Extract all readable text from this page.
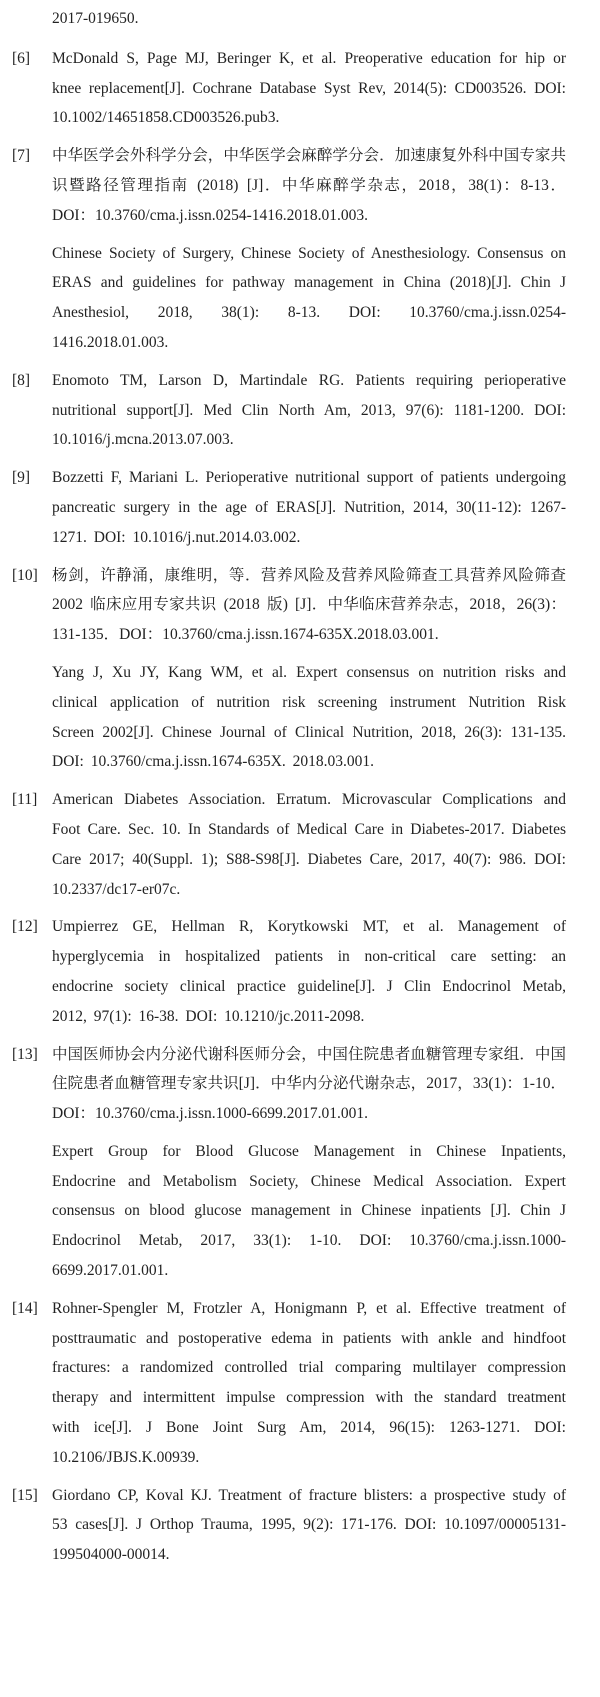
2017-019650.
[6]	McDonald S, Page MJ, Beringer K, et al. Preoperative education for hip or knee replacement[J]. Cochrane Database Syst Rev, 2014(5): CD003526. DOI: 10.1002/14651858.CD003526.pub3.
[7]	中华医学会外科学分会，中华医学会麻醉学分会．加速康复外科中国专家共识暨路径管理指南 (2018) [J]．中华麻醉学杂志，2018，38(1)：8-13．DOI：10.3760/cma.j.issn.0254-1416.2018.01.003.
Chinese Society of Surgery, Chinese Society of Anesthesiology. Consensus on ERAS and guidelines for pathway management in China (2018)[J]. Chin J Anesthesiol, 2018, 38(1): 8-13. DOI: 10.3760/cma.j.issn.0254-1416.2018.01.003.
[8]	Enomoto TM, Larson D, Martindale RG. Patients requiring perioperative nutritional support[J]. Med Clin North Am, 2013, 97(6): 1181-1200. DOI: 10.1016/j.mcna.2013.07.003.
[9]	Bozzetti F, Mariani L. Perioperative nutritional support of patients undergoing pancreatic surgery in the age of ERAS[J]. Nutrition, 2014, 30(11-12): 1267-1271. DOI: 10.1016/j.nut.2014.03.002.
[10] 杨剑，许静涌，康维明，等．营养风险及营养风险筛查工具营养风险筛查 2002 临床应用专家共识 (2018 版) [J]．中华临床营养杂志，2018，26(3)：131-135．DOI：10.3760/cma.j.issn.1674-635X.2018.03.001.
Yang J, Xu JY, Kang WM, et al. Expert consensus on nutrition risks and clinical application of nutrition risk screening instrument Nutrition Risk Screen 2002[J]. Chinese Journal of Clinical Nutrition, 2018, 26(3): 131-135. DOI: 10.3760/cma.j.issn.1674-635X. 2018.03.001.
[11] American Diabetes Association. Erratum. Microvascular Complications and Foot Care. Sec. 10. In Standards of Medical Care in Diabetes-2017. Diabetes Care 2017; 40(Suppl. 1); S88-S98[J]. Diabetes Care, 2017, 40(7): 986. DOI: 10.2337/dc17-er07c.
[12] Umpierrez GE, Hellman R, Korytkowski MT, et al. Management of hyperglycemia in hospitalized patients in non-critical care setting: an endocrine society clinical practice guideline[J]. J Clin Endocrinol Metab, 2012, 97(1): 16-38. DOI: 10.1210/jc.2011-2098.
[13] 中国医师协会内分泌代谢科医师分会，中国住院患者血糖管理专家组．中国住院患者血糖管理专家共识[J]．中华内分泌代谢杂志，2017，33(1)：1-10．DOI：10.3760/cma.j.issn.1000-6699.2017.01.001.
Expert Group for Blood Glucose Management in Chinese Inpatients, Endocrine and Metabolism Society, Chinese Medical Association. Expert consensus on blood glucose management in Chinese inpatients [J]. Chin J Endocrinol Metab, 2017, 33(1): 1-10. DOI: 10.3760/cma.j.issn.1000-6699.2017.01.001.
[14] Rohner-Spengler M, Frotzler A, Honigmann P, et al. Effective treatment of posttraumatic and postoperative edema in patients with ankle and hindfoot fractures: a randomized controlled trial comparing multilayer compression therapy and intermittent impulse compression with the standard treatment with ice[J]. J Bone Joint Surg Am, 2014, 96(15): 1263-1271. DOI: 10.2106/JBJS.K.00939.
[15] Giordano CP, Koval KJ. Treatment of fracture blisters: a prospective study of 53 cases[J]. J Orthop Trauma, 1995, 9(2): 171-176. DOI: 10.1097/00005131-199504000-00014.
